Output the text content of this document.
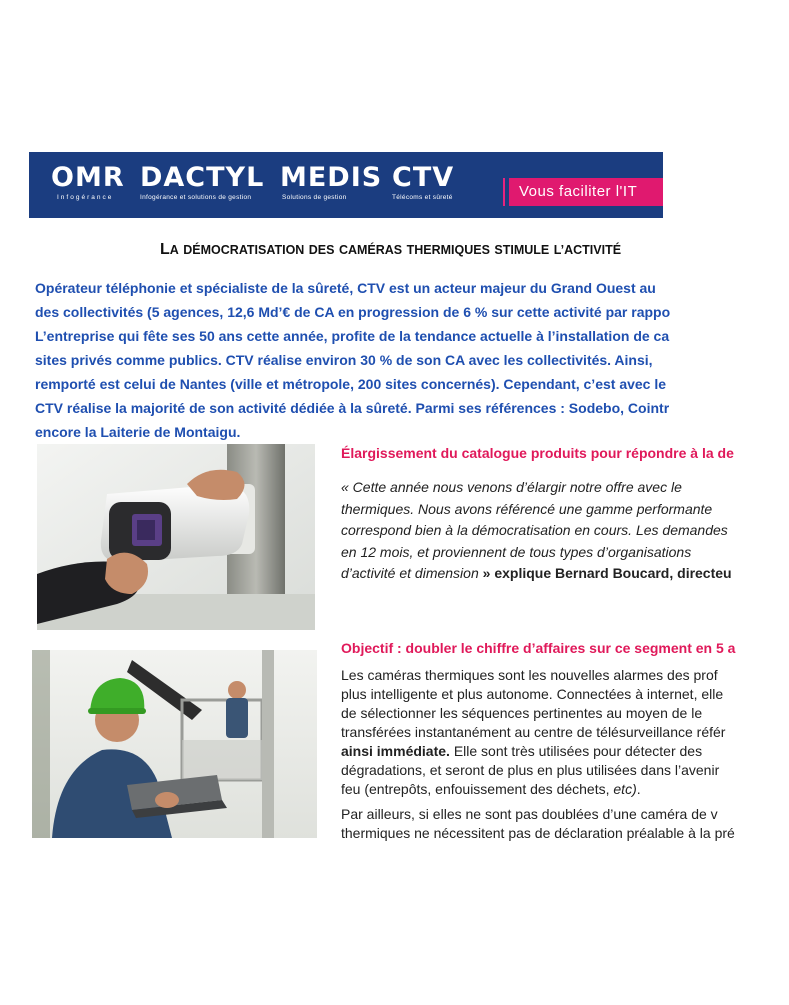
OMR
Infogérance
DACTYL
Infogérance et solutions de gestion
MEDIS
Solutions de gestion
CTV
Télécoms et sûreté	Vous faciliter l'IT
LA DÉMOCRATISATION DES CAMÉRAS THERMIQUES STIMULE L’ACTIVITÉ
Opérateur téléphonie et spécialiste de la sûreté, CTV est un acteur majeur du Grand Ouest au
des collectivités (5 agences, 12,6 Md’€ de CA en progression de 6 % sur cette activité par rappo
L’entreprise qui fête ses 50 ans cette année, profite de la tendance actuelle à l’installation de ca
sites privés comme publics. CTV réalise environ 30 % de son CA avec les collectivités. Ainsi,
remporté est celui de Nantes (ville et métropole, 200 sites concernés). Cependant, c’est avec le
CTV réalise la majorité de son activité dédiée à la sûreté. Parmi ses références : Sodebo, Cointr
encore la Laiterie de Montaigu.
Élargissement du catalogue produits pour répondre à la de
« Cette année nous venons d’élargir notre offre avec le
thermiques. Nous avons référencé une gamme performante
correspond bien à la démocratisation en cours. Les demandes
en 12 mois, et proviennent de tous types d’organisations
d’activité et dimension » explique Bernard Boucard, directeu
Objectif : doubler le chiffre d’affaires sur ce segment en 5 a
Les caméras thermiques sont les nouvelles alarmes des prof
plus intelligente et plus autonome. Connectées à internet, elle
de sélectionner les séquences pertinentes au moyen de le
transférées instantanément au centre de télésurveillance référ
ainsi immédiate. Elle sont très utilisées pour détecter des
dégradations, et seront de plus en plus utilisées dans l’avenir
feu (entrepôts, enfouissement des déchets, etc).
Par ailleurs, si elles ne sont pas doublées d’une caméra de v
thermiques ne nécessitent pas de déclaration préalable à la pré
